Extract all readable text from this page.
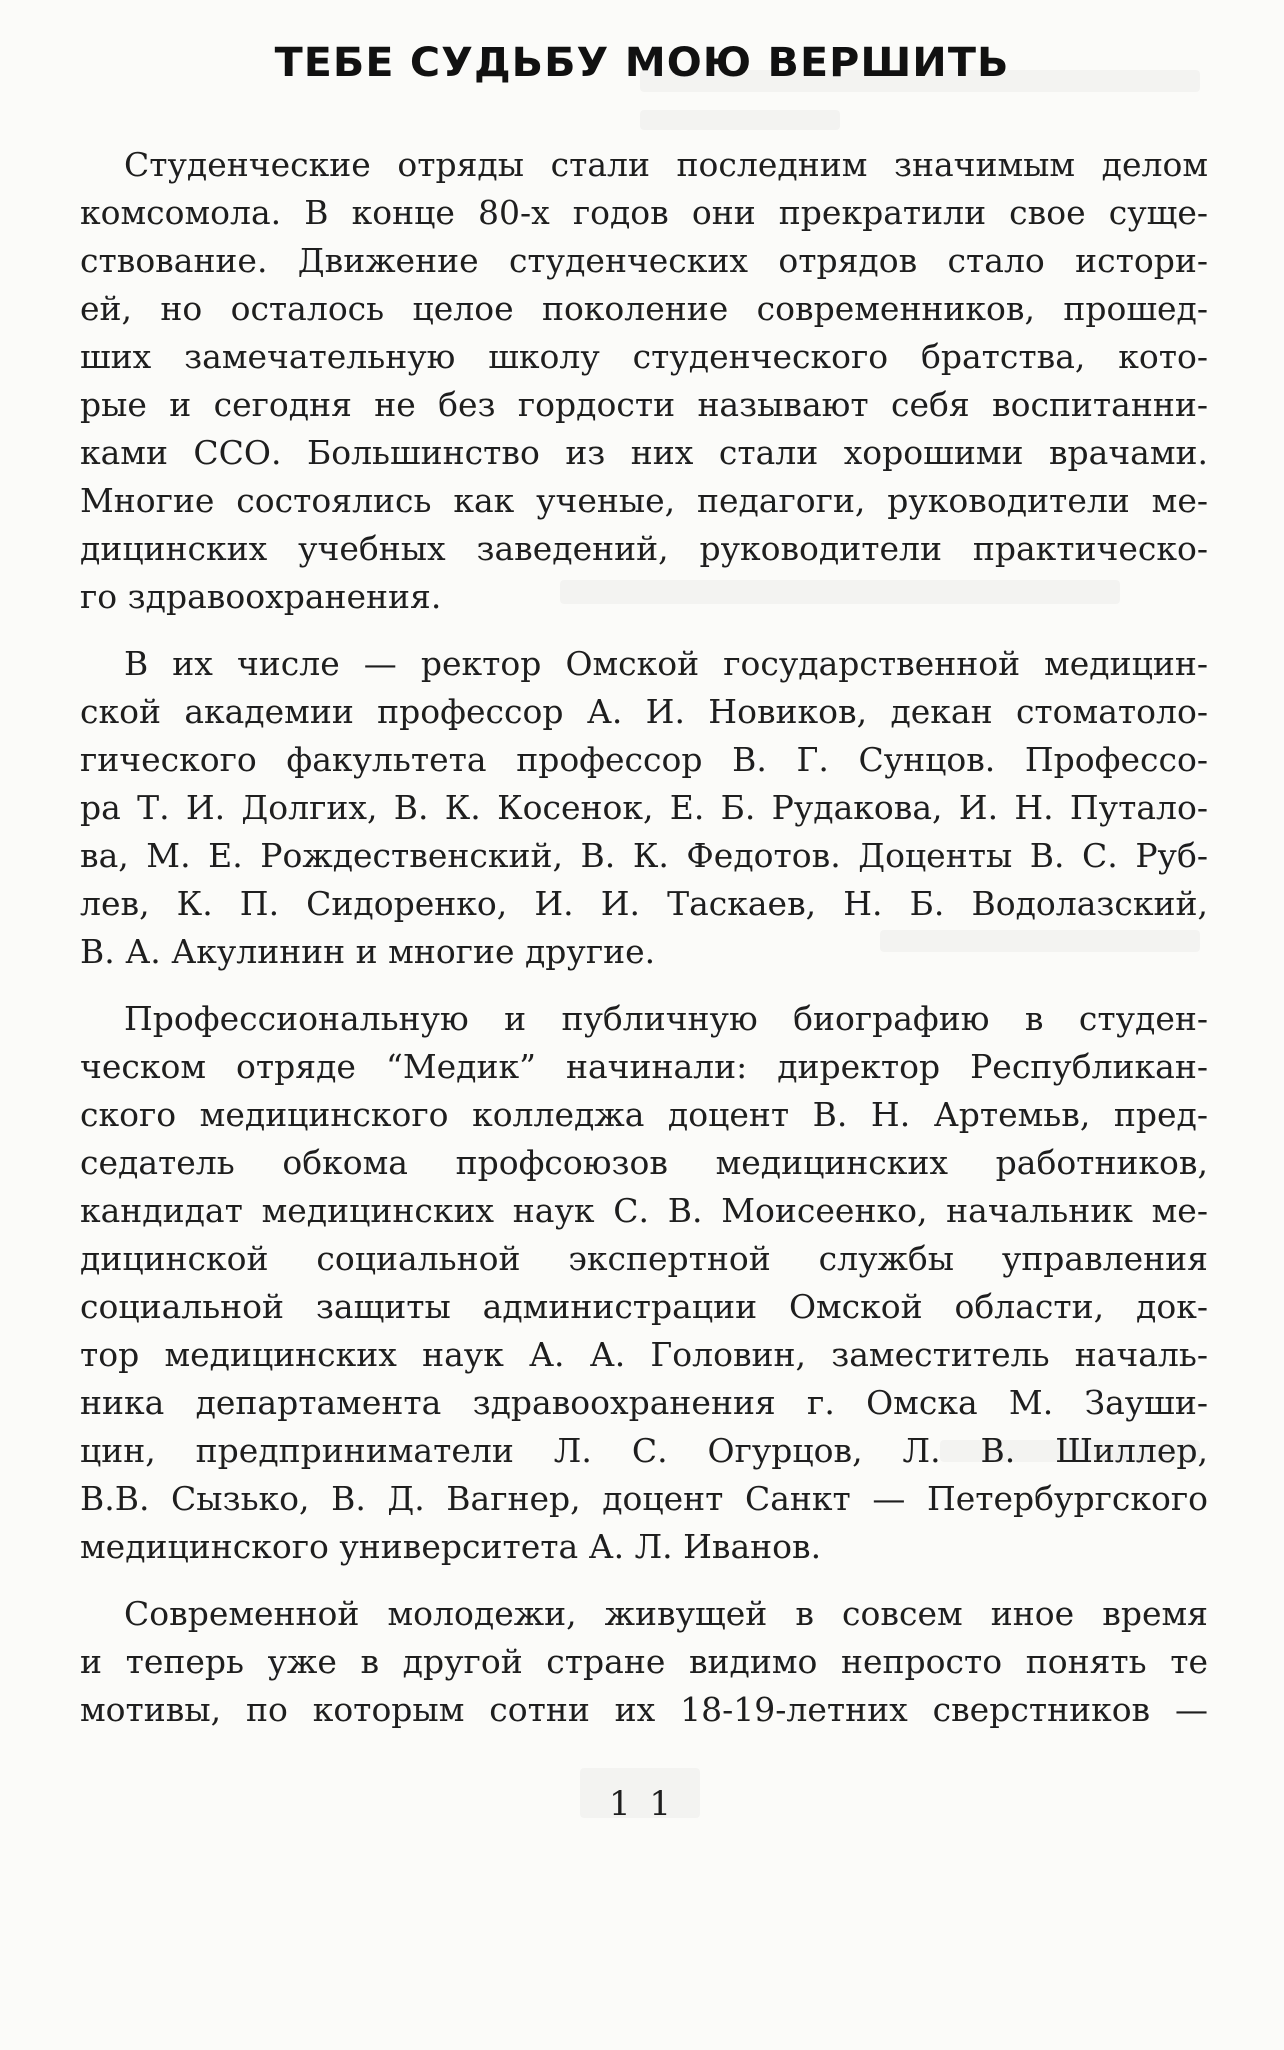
ТЕБЕ СУДЬБУ МОЮ ВЕРШИТЬ
Студенческие отряды стали последним значимым делом
комсомола. В конце 80-х годов они прекратили свое суще-
ствование. Движение студенческих отрядов стало истори-
ей, но осталось целое поколение современников, прошед-
ших замечательную школу студенческого братства, кото-
рые и сегодня не без гордости называют себя воспитанни-
ками ССО. Большинство из них стали хорошими врачами.
Многие состоялись как ученые, педагоги, руководители ме-
дицинских учебных заведений, руководители практическо-
го здравоохранения.
В их числе — ректор Омской государственной медицин-
ской академии профессор А. И. Новиков, декан стоматоло-
гического факультета профессор В. Г. Сунцов. Профессо-
ра Т. И. Долгих, В. К. Косенок, Е. Б. Рудакова, И. Н. Путало-
ва, М. Е. Рождественский, В. К. Федотов. Доценты В. С. Руб-
лев, К. П. Сидоренко, И. И. Таскаев, Н. Б. Водолазский,
В. А. Акулинин и многие другие.
Профессиональную и публичную биографию в студен-
ческом отряде “Медик” начинали: директор Республикан-
ского медицинского колледжа доцент В. Н. Артемьв, пред-
седатель обкома профсоюзов медицинских работников,
кандидат медицинских наук С. В. Моисеенко, начальник ме-
дицинской социальной экспертной службы управления
социальной защиты администрации Омской области, док-
тор медицинских наук А. А. Головин, заместитель началь-
ника департамента здравоохранения г. Омска М. Зауши-
цин, предприниматели Л. С. Огурцов, Л. В. Шиллер,
В.В. Сызько, В. Д. Вагнер, доцент Санкт — Петербургского
медицинского университета А. Л. Иванов.
Современной молодежи, живущей в совсем иное время
и теперь уже в другой стране видимо непросто понять те
мотивы, по которым сотни их 18-19-летних сверстников —
1 1
